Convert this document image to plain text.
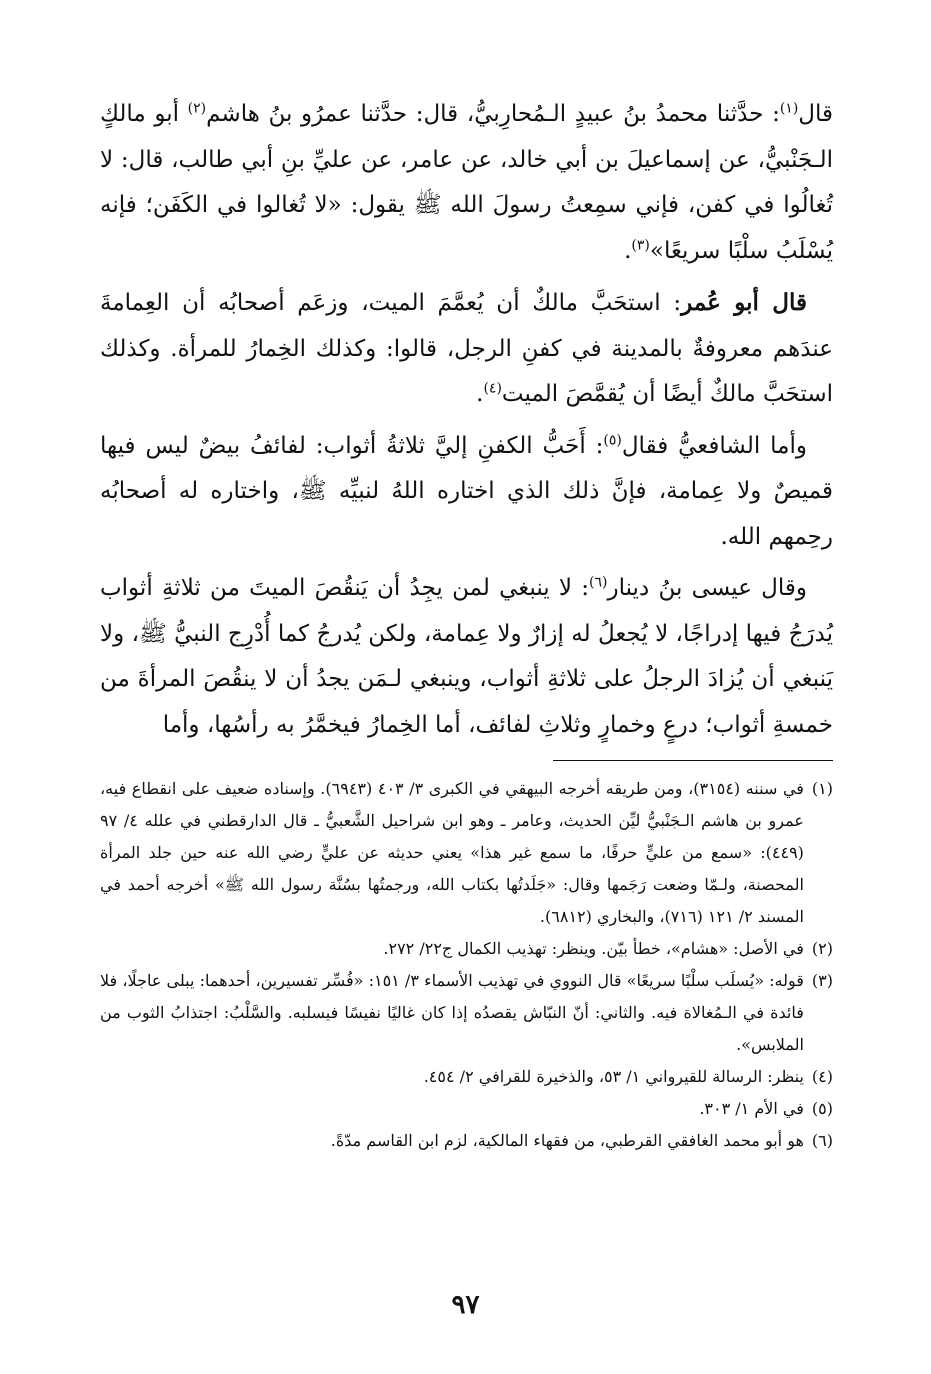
قال$^{(١)}$: حدَّثنا محمدُ بنُ عبيدٍ الـمُحارِبيُّ، قال: حدَّثنا عمرُو بنُ هاشم$^{(٢)}$ أبو مالكٍ الـجَنْبيُّ، عن إسماعيلَ بن أبي خالد، عن عامر، عن عليِّ بنِ أبي طالب، قال: لا تُغالُوا في كفن، فإني سمِعتُ رسولَ الله ﷺ يقول: «لا تُغالوا في الكَفَن؛ فإنه يُسْلَبُ سلْبًا سريعًا»$^{(٣)}$.

قال أبو عُمر: استحَبَّ مالكٌ أن يُعمَّمَ الميت، وزعَم أصحابُه أن العِمامةَ عندَهم معروفةٌ بالمدينة في كفنِ الرجل، قالوا: وكذلك الخِمارُ للمرأة. وكذلك استحَبَّ مالكٌ أيضًا أن يُقمَّصَ الميت$^{(٤)}$.

وأما الشافعيُّ فقال$^{(٥)}$: أَحَبُّ الكفنِ إليَّ ثلاثةُ أثواب: لفائفُ بيضٌ ليس فيها قميصٌ ولا عِمامة، فإنَّ ذلك الذي اختاره اللهُ لنبيِّه ﷺ، واختاره له أصحابُه رحِمهم الله.

وقال عيسى بنُ دينار$^{(٦)}$: لا ينبغي لمن يجِدُ أن يَنقُصَ الميتَ من ثلاثةِ أثواب يُدرَجُ فيها إدراجًا، لا يُجعلُ له إزارٌ ولا عِمامة، ولكن يُدرجُ كما أُدْرِج النبيُّ ﷺ، ولا يَنبغي أن يُزادَ الرجلُ على ثلاثةِ أثواب، وينبغي لـمَن يجدُ أن لا ينقُصَ المرأةَ من خمسةِ أثواب؛ درعٍ وخمارٍ وثلاثِ لفائف، أما الخِمارُ فيخمَّرُ به رأسُها، وأما

(١)
في سننه (٣١٥٤)، ومن طريقه أخرجه البيهقي في الكبرى ٣/ ٤٠٣ (٦٩٤٣). وإسناده ضعيف على انقطاع فيه، عمرو بن هاشم الـجَنْبيُّ ليِّن الحديث، وعامر ـ وهو ابن شراحيل الشَّعبيُّ ـ قال الدارقطني في علله ٤/ ٩٧ (٤٤٩): «سمع من عليٍّ حرفًا، ما سمع غير هذا» يعني حديثه عن عليٍّ رضي الله عنه حين جلد المرأة المحصنة، ولـمّا وضعت رَجَمها وقال: «جَلَدتُها بكتاب الله، ورجمتُها بسُنَّة رسول الله ﷺ» أخرجه أحمد في المسند ٢/ ١٢١ (٧١٦)، والبخاري (٦٨١٢).
(٢)
في الأصل: «هشام»، خطأ بيّن. وينظر: تهذيب الكمال ج٢٢/ ٢٧٢.
(٣)
قوله: «يُسلَب سلْبًا سريعًا» قال النووي في تهذيب الأسماء ٣/ ١٥١: «فُسِّر تفسيرين، أحدهما: يبلى عاجلًا، فلا فائدة في الـمُغالاة فيه. والثاني: أنّ النبّاش يقصدُه إذا كان غاليًا نفيسًا فيسلبه. والسَّلْبُ: اجتذابُ الثوب من الملابس».
(٤)
ينظر: الرسالة للقيرواني ١/ ٥٣، والذخيرة للقرافي ٢/ ٤٥٤.
(٥)
في الأم ١/ ٣٠٣.
(٦)
هو أبو محمد الغافقي القرطبي، من فقهاء المالكية، لزم ابن القاسم مدّةً.
٩٧
